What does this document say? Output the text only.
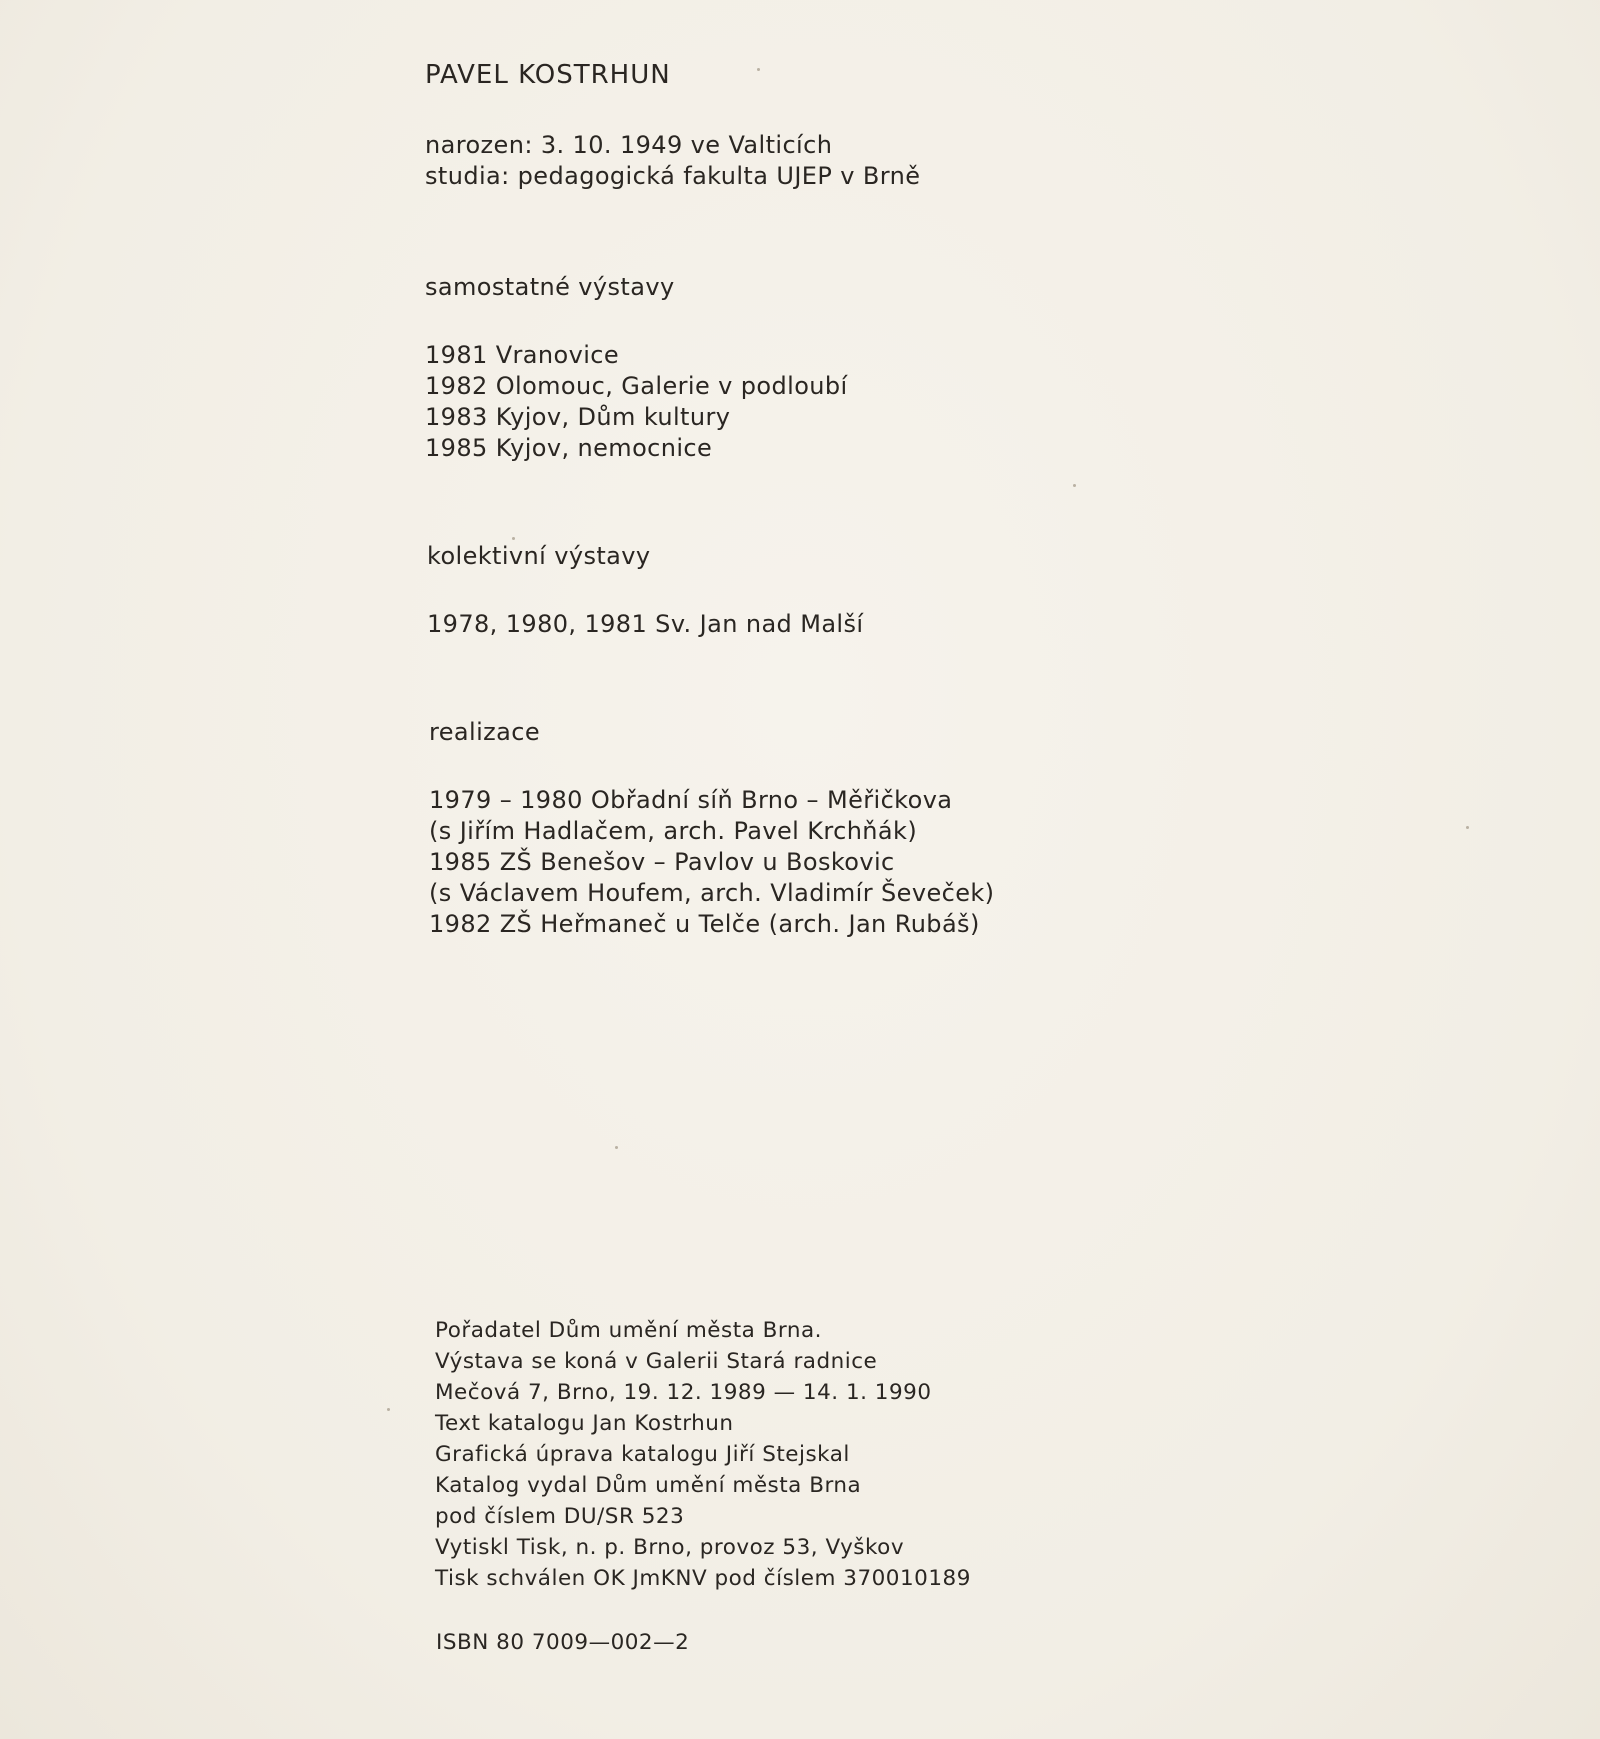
PAVEL KOSTRHUN
narozen: 3. 10. 1949 ve Valticích
studia: pedagogická fakulta UJEP v Brně
samostatné výstavy
1981 Vranovice
1982 Olomouc, Galerie v podloubí
1983 Kyjov, Dům kultury
1985 Kyjov, nemocnice
kolektivní výstavy
1978, 1980, 1981 Sv. Jan nad Malší
realizace
1979 – 1980 Obřadní síň Brno – Měřičkova
(s Jiřím Hadlačem, arch. Pavel Krchňák)
1985 ZŠ Benešov – Pavlov u Boskovic
(s Václavem Houfem, arch. Vladimír Ševeček)
1982 ZŠ Heřmaneč u Telče (arch. Jan Rubáš)
Pořadatel Dům umění města Brna.
Výstava se koná v Galerii Stará radnice
Mečová 7, Brno, 19. 12. 1989 — 14. 1. 1990
Text katalogu Jan Kostrhun
Grafická úprava katalogu Jiří Stejskal
Katalog vydal Dům umění města Brna
pod číslem DU/SR 523
Vytiskl Tisk, n. p. Brno, provoz 53, Vyškov
Tisk schválen OK JmKNV pod číslem 370010189
ISBN 80 7009—002—2
